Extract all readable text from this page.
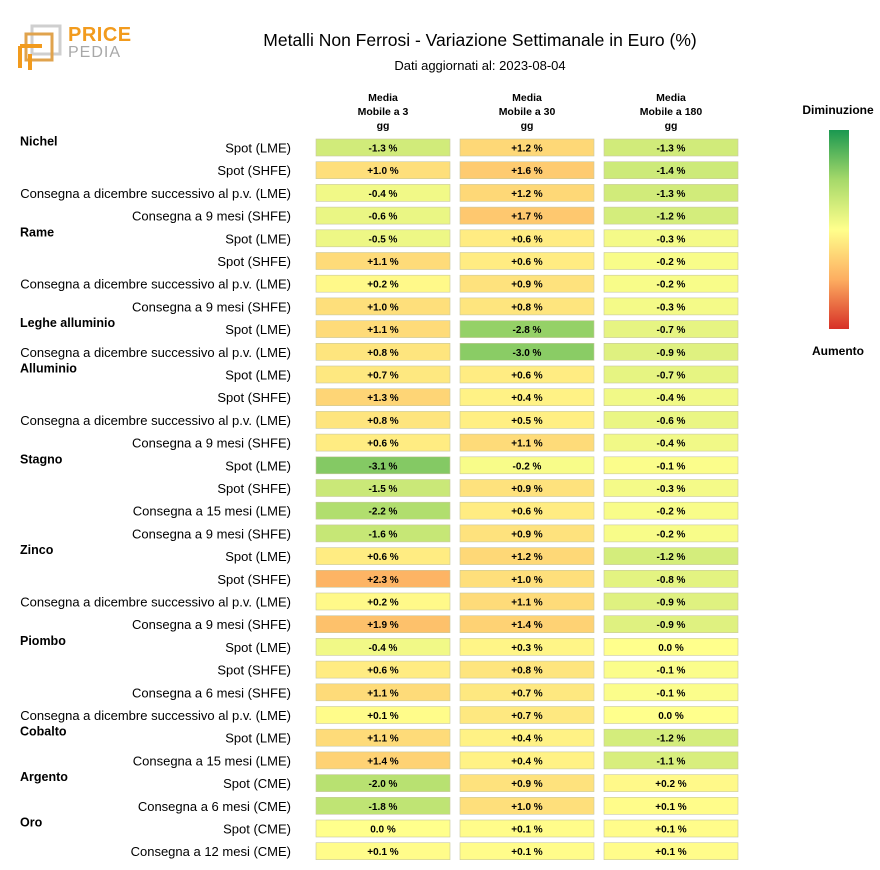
PRICE
PEDIA
Metalli Non Ferrosi - Variazione Settimanale in Euro (%)
Dati aggiornati al: 2023-08-04
Media
Mobile a 3
gg
Media
Mobile a 30
gg
Media
Mobile a 180
gg
Nichel	Spot (LME)	-1.3 %	+1.2 %	-1.3 %
Spot (SHFE)	+1.0 %	+1.6 %	-1.4 %
Consegna a dicembre successivo al p.v. (LME)	-0.4 %	+1.2 %	-1.3 %
Consegna a 9 mesi (SHFE)	-0.6 %	+1.7 %	-1.2 %
Rame	Spot (LME)	-0.5 %	+0.6 %	-0.3 %
Spot (SHFE)	+1.1 %	+0.6 %	-0.2 %
Consegna a dicembre successivo al p.v. (LME)	+0.2 %	+0.9 %	-0.2 %
Consegna a 9 mesi (SHFE)	+1.0 %	+0.8 %	-0.3 %
Leghe alluminio	Spot (LME)	+1.1 %	-2.8 %	-0.7 %
Consegna a dicembre successivo al p.v. (LME)	+0.8 %	-3.0 %	-0.9 %
Alluminio	Spot (LME)	+0.7 %	+0.6 %	-0.7 %
Spot (SHFE)	+1.3 %	+0.4 %	-0.4 %
Consegna a dicembre successivo al p.v. (LME)	+0.8 %	+0.5 %	-0.6 %
Consegna a 9 mesi (SHFE)	+0.6 %	+1.1 %	-0.4 %
Stagno	Spot (LME)	-3.1 %	-0.2 %	-0.1 %
Spot (SHFE)	-1.5 %	+0.9 %	-0.3 %
Consegna a 15 mesi (LME)	-2.2 %	+0.6 %	-0.2 %
Consegna a 9 mesi (SHFE)	-1.6 %	+0.9 %	-0.2 %
Zinco	Spot (LME)	+0.6 %	+1.2 %	-1.2 %
Spot (SHFE)	+2.3 %	+1.0 %	-0.8 %
Consegna a dicembre successivo al p.v. (LME)	+0.2 %	+1.1 %	-0.9 %
Consegna a 9 mesi (SHFE)	+1.9 %	+1.4 %	-0.9 %
Piombo	Spot (LME)	-0.4 %	+0.3 %	0.0 %
Spot (SHFE)	+0.6 %	+0.8 %	-0.1 %
Consegna a 6 mesi (SHFE)	+1.1 %	+0.7 %	-0.1 %
Consegna a dicembre successivo al p.v. (LME)	+0.1 %	+0.7 %	0.0 %
Cobalto	Spot (LME)	+1.1 %	+0.4 %	-1.2 %
Consegna a 15 mesi (LME)	+1.4 %	+0.4 %	-1.1 %
Argento	Spot (CME)	-2.0 %	+0.9 %	+0.2 %
Consegna a 6 mesi (CME)	-1.8 %	+1.0 %	+0.1 %
Oro	Spot (CME)	0.0 %	+0.1 %	+0.1 %
Consegna a 12 mesi (CME)	+0.1 %	+0.1 %	+0.1 %
Diminuzione
Aumento
